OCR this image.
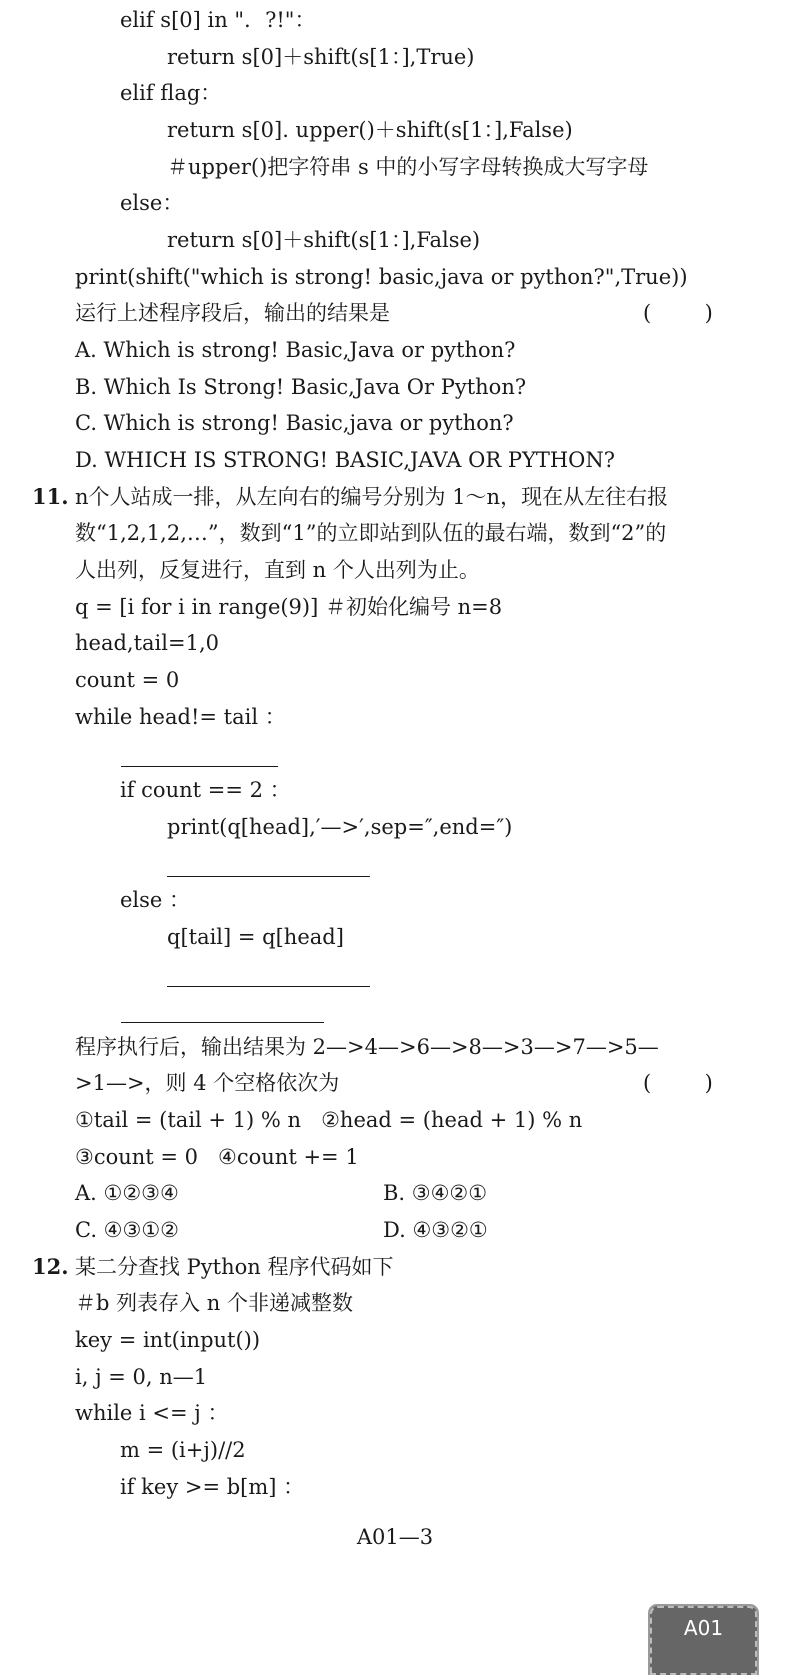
elif s[0] in "．?!"：
return s[0]＋shift(s[1：],True)
elif flag：
return s[0]. upper()＋shift(s[1：],False)
＃upper()把字符串 s 中的小写字母转换成大写字母
else：
return s[0]＋shift(s[1：],False)
print(shift("which is strong! basic,java or python?",True))
运行上述程序段后，输出的结果是	(        )
A. Which is strong! Basic,Java or python?
B. Which Is Strong! Basic,Java Or Python?
C. Which is strong! Basic,java or python?
D. WHICH IS STRONG! BASIC,JAVA OR PYTHON?
11. n个人站成一排，从左向右的编号分别为 1～n，现在从左往右报
数“1,2,1,2,…”，数到“1”的立即站到队伍的最右端，数到“2”的
人出列，反复进行，直到 n 个人出列为止。
q = [i for i in range(9)] ＃初始化编号 n=8
head,tail=1,0
count = 0
while head!= tail ：
if count == 2 ：
print(q[head],′—>′,sep=″,end=″)
else ：
q[tail] = q[head]
程序执行后，输出结果为 2—>4—>6—>8—>3—>7—>5—
>1—>，则 4 个空格依次为	(        )
①tail = (tail + 1) % n   ②head = (head + 1) % n
③count = 0   ④count += 1
A. ①②③④	B. ③④②①
C. ④③①②	D. ④③②①
12. 某二分查找 Python 程序代码如下
＃b 列表存入 n 个非递减整数
key = int(input())
i, j = 0, n—1
while i <= j ：
m = (i+j)//2
if key >= b[m] ：
A01—3
A01
